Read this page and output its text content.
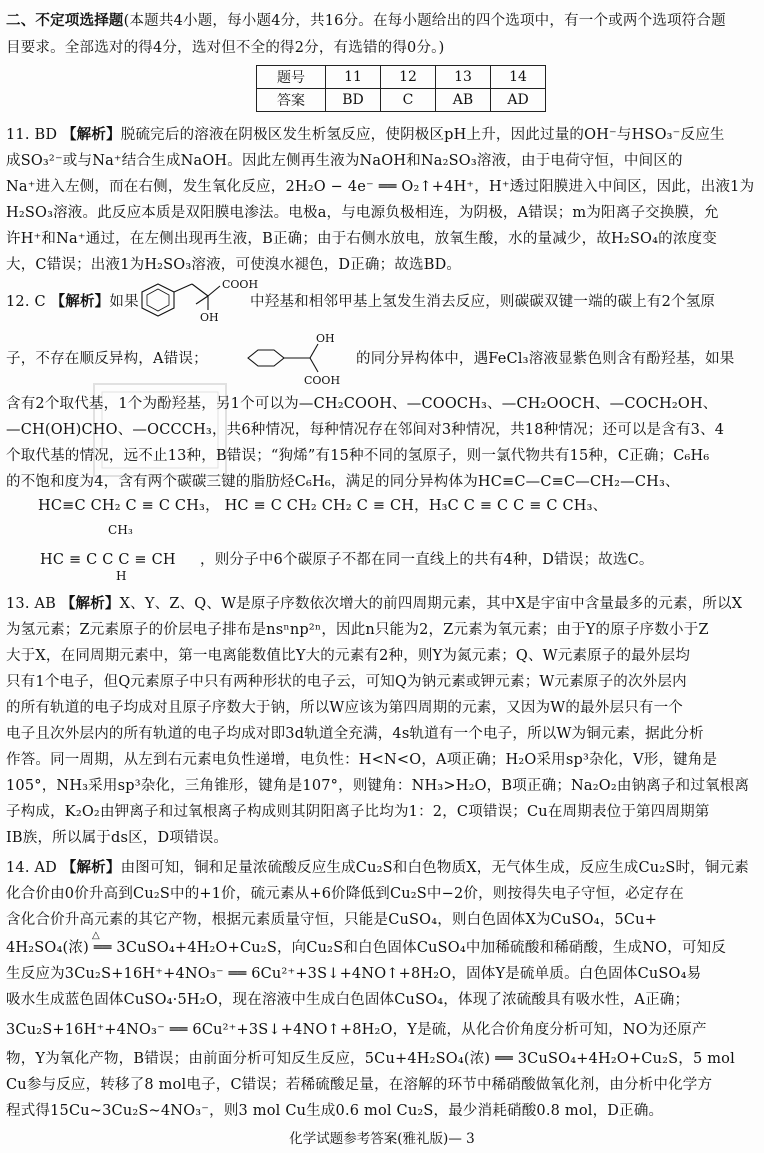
二、不定项选择题(本题共4小题，每小题4分，共16分。在每小题给出的四个选项中，有一个或两个选项符合题
目要求。全部选对的得4分，选对但不全的得2分，有选错的得0分。)
题号	11	12	13	14
答案	BD	C	AB	AD
11. BD 【解析】脱硫完后的溶液在阴极区发生析氢反应，使阴极区pH上升，因此过量的OH⁻与HSO₃⁻反应生
成SO₃²⁻或与Na⁺结合生成NaOH。因此左侧再生液为NaOH和Na₂SO₃溶液，由于电荷守恒，中间区的
Na⁺进入左侧，而在右侧，发生氧化反应，2H₂O − 4e⁻ ══ O₂↑+4H⁺，H⁺透过阳膜进入中间区，因此，出液1为
H₂SO₃溶液。此反应本质是双阳膜电渗法。电极a，与电源负极相连，为阴极，A错误；m为阳离子交换膜，允
许H⁺和Na⁺通过，在左侧出现再生液，B正确；由于右侧水放电，放氧生酸，水的量减少，故H₂SO₄的浓度变
大，C错误；出液1为H₂SO₃溶液，可使溴水褪色，D正确；故选BD。
12. C 【解析】如果
COOH
OH
中羟基和相邻甲基上氢发生消去反应，则碳碳双键一端的碳上有2个氢原
子，不存在顺反异构，A错误；
OH
COOH
的同分异构体中，遇FeCl₃溶液显紫色则含有酚羟基，如果
含有2个取代基，1个为酚羟基，另1个可以为—CH₂COOH、—COOCH₃、—CH₂OOCH、—COCH₂OH、
—CH(OH)CHO、—OCCCH₃，共6种情况，每种情况存在邻间对3种情况，共18种情况；还可以是含有3、4
个取代基的情况，远不止13种，B错误；“狗烯”有15种不同的氢原子，则一氯代物共有15种，C正确；C₆H₆
的不饱和度为4，含有两个碳碳三键的脂肪烃C₆H₆，满足的同分异构体为HC≡C—C≡C—CH₂—CH₃、
HC≡C CH₂ C ≡ C CH₃， HC ≡ C CH₂ CH₂ C ≡ CH，H₃C C ≡ C C ≡ C CH₃、
CH₃
HC ≡ C C C ≡ CH
H
，则分子中6个碳原子不都在同一直线上的共有4种，D错误；故选C。
13. AB 【解析】X、Y、Z、Q、W是原子序数依次增大的前四周期元素，其中X是宇宙中含量最多的元素，所以X
为氢元素；Z元素原子的价层电子排布是nsⁿnp²ⁿ，因此n只能为2，Z元素为氧元素；由于Y的原子序数小于Z
大于X，在同周期元素中，第一电离能数值比Y大的元素有2种，则Y为氮元素；Q、W元素原子的最外层均
只有1个电子，但Q元素原子中只有两种形状的电子云，可知Q为钠元素或钾元素；W元素原子的次外层内
的所有轨道的电子均成对且原子序数大于钠，所以W应该为第四周期的元素，又因为W的最外层只有一个
电子且次外层内的所有轨道的电子均成对即3d轨道全充满，4s轨道有一个电子，所以W为铜元素，据此分析
作答。同一周期，从左到右元素电负性递增，电负性：H<N<O，A项正确；H₂O采用sp³杂化，V形，键角是
105°，NH₃采用sp³杂化，三角锥形，键角是107°，则键角：NH₃>H₂O，B项正确；Na₂O₂由钠离子和过氧根离
子构成，K₂O₂由钾离子和过氧根离子构成则其阴阳离子比均为1：2，C项错误；Cu在周期表位于第四周期第
ⅠB族，所以属于ds区，D项错误。
14. AD 【解析】由图可知，铜和足量浓硫酸反应生成Cu₂S和白色物质X，无气体生成，反应生成Cu₂S时，铜元素
化合价由0价升高到Cu₂S中的+1价，硫元素从+6价降低到Cu₂S中−2价，则按得失电子守恒，必定存在
含化合价升高元素的其它产物，根据元素质量守恒，只能是CuSO₄，则白色固体X为CuSO₄，5Cu+
△
4H₂SO₄(浓) ══ 3CuSO₄+4H₂O+Cu₂S，向Cu₂S和白色固体CuSO₄中加稀硫酸和稀硝酸，生成NO，可知反
生反应为3Cu₂S+16H⁺+4NO₃⁻ ══ 6Cu²⁺+3S↓+4NO↑+8H₂O，固体Y是硫单质。白色固体CuSO₄易
吸水生成蓝色固体CuSO₄·5H₂O，现在溶液中生成白色固体CuSO₄，体现了浓硫酸具有吸水性，A正确；
3Cu₂S+16H⁺+4NO₃⁻ ══ 6Cu²⁺+3S↓+4NO↑+8H₂O，Y是硫，从化合价角度分析可知，NO为还原产
物，Y为氧化产物，B错误；由前面分析可知反生反应，5Cu+4H₂SO₄(浓) ══ 3CuSO₄+4H₂O+Cu₂S，5 mol
Cu参与反应，转移了8 mol电子，C错误；若稀硫酸足量，在溶解的环节中稀硝酸做氧化剂，由分析中化学方
程式得15Cu~3Cu₂S~4NO₃⁻，则3 mol Cu生成0.6 mol Cu₂S，最少消耗硝酸0.8 mol，D正确。
化学试题参考答案(雅礼版)— 3
